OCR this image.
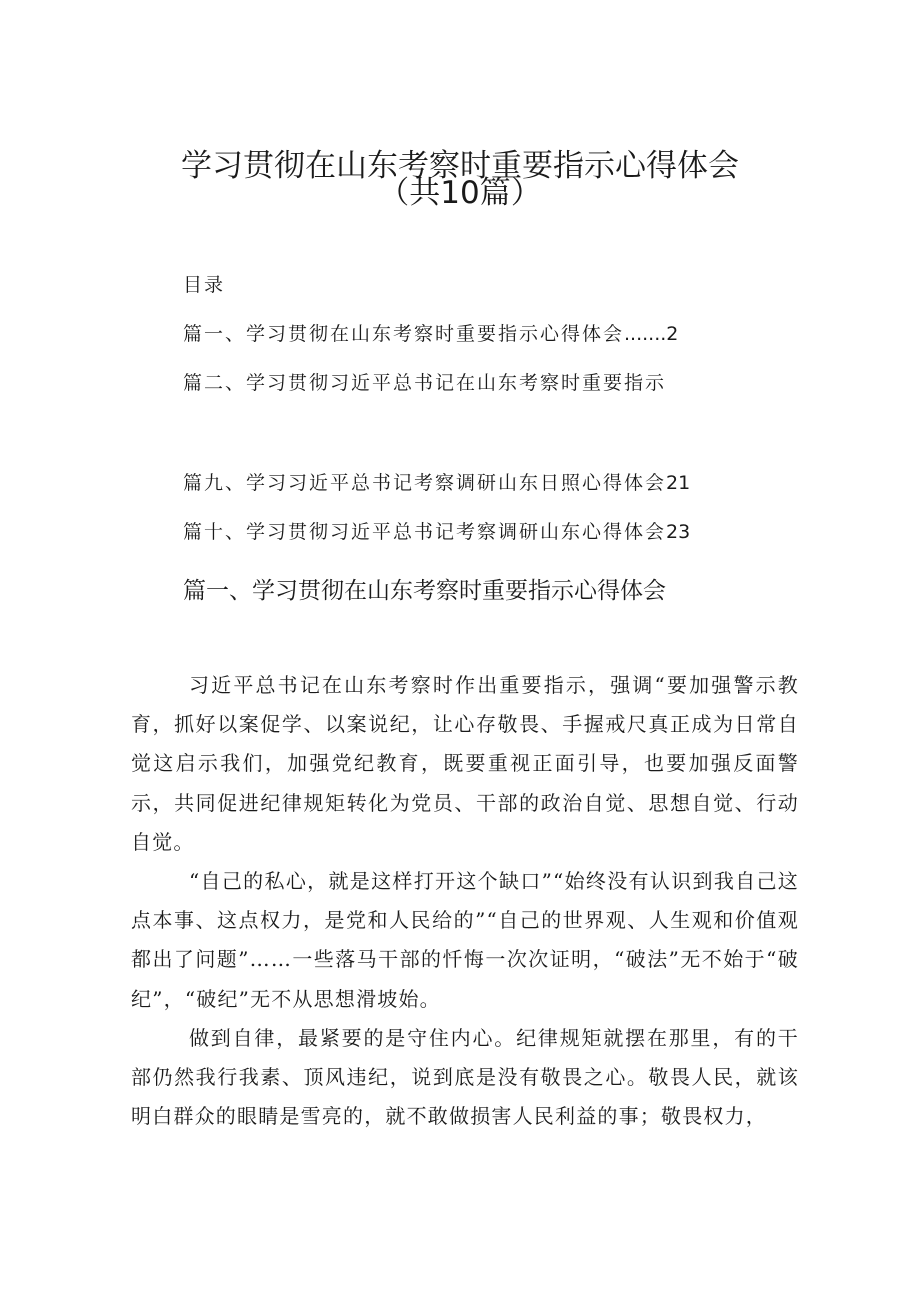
学习贯彻在山东考察时重要指示心得体会
（共10篇）
目录
篇一、学习贯彻在山东考察时重要指示心得体会.......2
篇二、学习贯彻习近平总书记在山东考察时重要指示
篇九、学习习近平总书记考察调研山东日照心得体会21
篇十、学习贯彻习近平总书记考察调研山东心得体会23
篇一、学习贯彻在山东考察时重要指示心得体会

习近平总书记在山东考察时作出重要指示，强调“要加强警示教育，抓好以案促学、以案说纪，让心存敬畏、手握戒尺真正成为日常自觉这启示我们，加强党纪教育，既要重视正面引导，也要加强反面警示，共同促进纪律规矩转化为党员、干部的政治自觉、思想自觉、行动自觉。

“自己的私心，就是这样打开这个缺口”“始终没有认识到我自己这点本事、这点权力，是党和人民给的”“自己的世界观、人生观和价值观都出了问题”……一些落马干部的忏悔一次次证明，“破法”无不始于“破纪”，“破纪”无不从思想滑坡始。

做到自律，最紧要的是守住内心。纪律规矩就摆在那里，有的干部仍然我行我素、顶风违纪，说到底是没有敬畏之心。敬畏人民，就该明白群众的眼睛是雪亮的，就不敢做损害人民利益的事；敬畏权力，
